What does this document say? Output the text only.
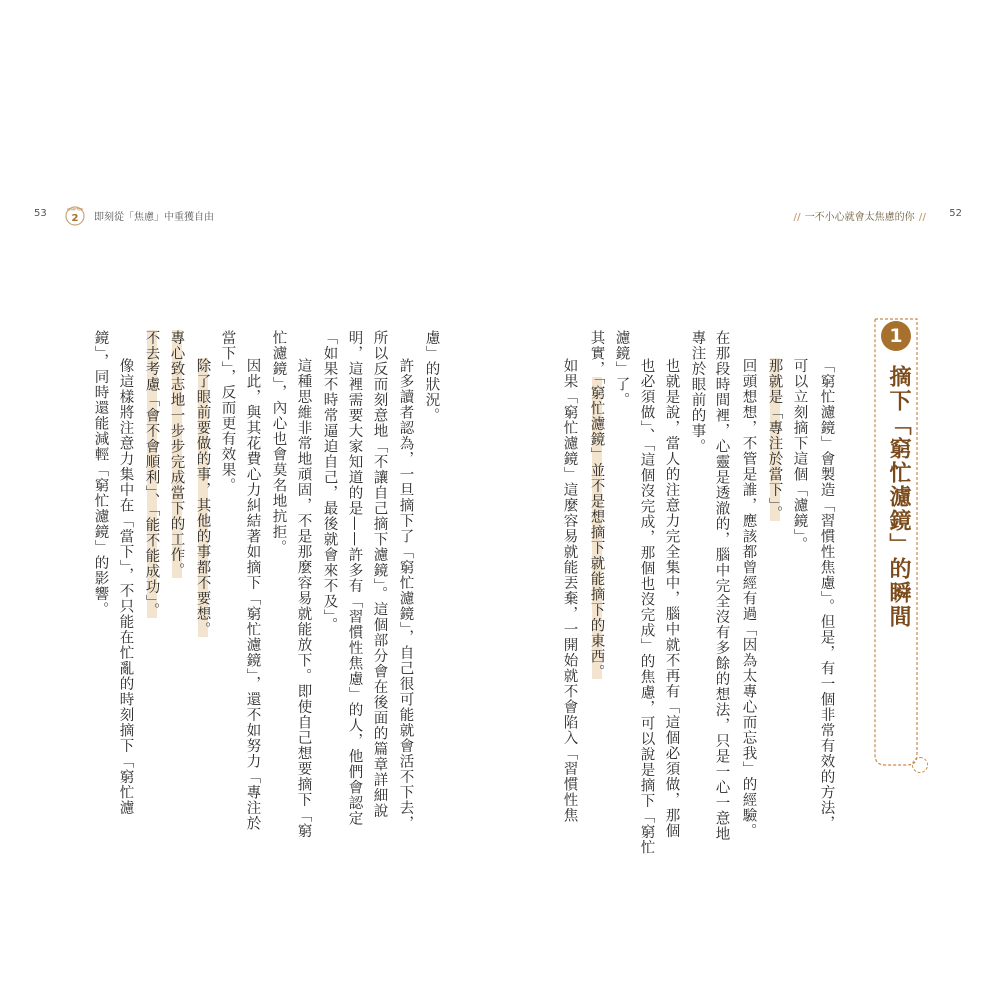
53	CHAPTER
2 即刻從「焦慮」中重獲自由	// 一不小心就會太焦慮的你 //	52
1
摘下「窮忙濾鏡」的瞬間
「窮忙濾鏡」會製造「習慣性焦慮」。但是，有一個非常有效的方法，
可以立刻摘下這個「濾鏡」。
那就是「專注於當下」。
回頭想想，不管是誰，應該都曾經有過「因為太專心而忘我」的經驗。
在那段時間裡，心靈是透澈的，腦中完全沒有多餘的想法，只是一心一意地
專注於眼前的事。
也就是說，當人的注意力完全集中，腦中就不再有「這個必須做，那個
也必須做」、「這個沒完成，那個也沒完成」的焦慮，可以說是摘下「窮忙
濾鏡」了。
其實，「窮忙濾鏡」並不是想摘下就能摘下的東西。
如果「窮忙濾鏡」這麼容易就能丟棄，一開始就不會陷入「習慣性焦
慮」的狀況。
許多讀者認為，一旦摘下了「窮忙濾鏡」，自己很可能就會活不下去，
所以反而刻意地「不讓自己摘下濾鏡」。這個部分會在後面的篇章詳細說
明，這裡需要大家知道的是——許多有「習慣性焦慮」的人，他們會認定
「如果不時常逼迫自己，最後就會來不及」。
這種思維非常地頑固，不是那麼容易就能放下。即使自己想要摘下「窮
忙濾鏡」，內心也會莫名地抗拒。
因此，與其花費心力糾結著如摘下「窮忙濾鏡」，還不如努力「專注於
當下」，反而更有效果。
除了眼前要做的事，其他的事都不要想。
專心致志地一步步完成當下的工作。
不去考慮「會不會順利」、「能不能成功」。
像這樣將注意力集中在「當下」，不只能在忙亂的時刻摘下「窮忙濾
鏡」，同時還能減輕「窮忙濾鏡」的影響。
